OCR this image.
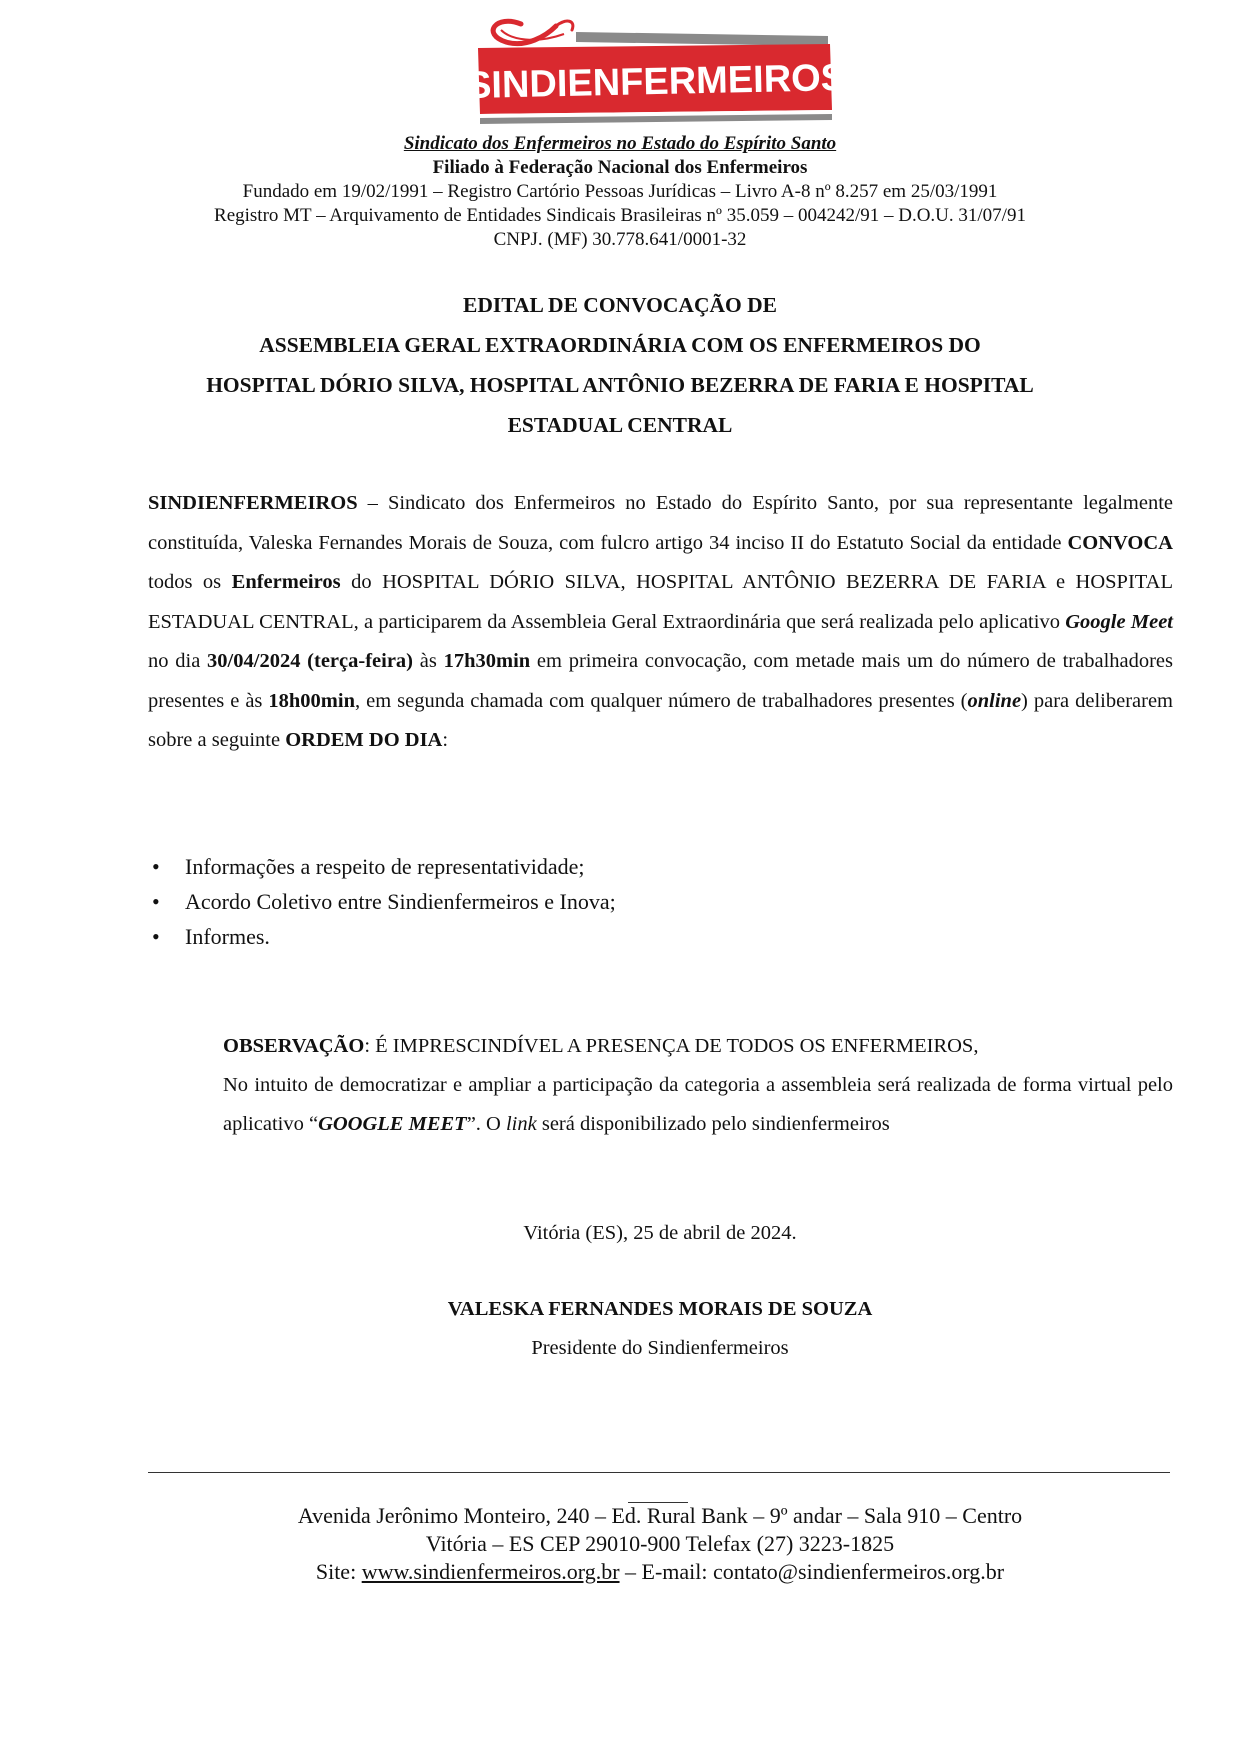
SINDIENFERMEIROS
Sindicato dos Enfermeiros no Estado do Espírito Santo
Filiado à Federação Nacional dos Enfermeiros
Fundado em 19/02/1991 – Registro Cartório Pessoas Jurídicas – Livro A-8 nº 8.257 em 25/03/1991
Registro MT – Arquivamento de Entidades Sindicais Brasileiras nº 35.059 – 004242/91 – D.O.U. 31/07/91
CNPJ. (MF) 30.778.641/0001-32
EDITAL DE CONVOCAÇÃO DE
ASSEMBLEIA GERAL EXTRAORDINÁRIA COM OS ENFERMEIROS DO
HOSPITAL DÓRIO SILVA, HOSPITAL ANTÔNIO BEZERRA DE FARIA E HOSPITAL
ESTADUAL CENTRAL
SINDIENFERMEIROS – Sindicato dos Enfermeiros no Estado do Espírito Santo, por sua representante legalmente constituída, Valeska Fernandes Morais de Souza, com fulcro artigo 34 inciso II do Estatuto Social da entidade CONVOCA todos os Enfermeiros do HOSPITAL DÓRIO SILVA, HOSPITAL ANTÔNIO BEZERRA DE FARIA e HOSPITAL ESTADUAL CENTRAL, a participarem da Assembleia Geral Extraordinária que será realizada pelo aplicativo Google Meet no dia 30/04/2024 (terça-feira) às 17h30min em primeira convocação, com metade mais um do número de trabalhadores presentes e às 18h00min, em segunda chamada com qualquer número de trabalhadores presentes (online) para deliberarem sobre a seguinte ORDEM DO DIA:
• Informações a respeito de representatividade;
• Acordo Coletivo entre Sindienfermeiros e Inova;
• Informes.
OBSERVAÇÃO: É IMPRESCINDÍVEL A PRESENÇA DE TODOS OS ENFERMEIROS,
No intuito de democratizar e ampliar a participação da categoria a assembleia será realizada de forma virtual pelo aplicativo “GOOGLE MEET”. O link será disponibilizado pelo sindienfermeiros
Vitória (ES), 25 de abril de 2024.
VALESKA FERNANDES MORAIS DE SOUZA
Presidente do Sindienfermeiros
Avenida Jerônimo Monteiro, 240 – Ed. Rural Bank – 9º andar – Sala 910 – Centro
Vitória – ES CEP 29010-900 Telefax (27) 3223-1825
Site: www.sindienfermeiros.org.br – E-mail: contato@sindienfermeiros.org.br
